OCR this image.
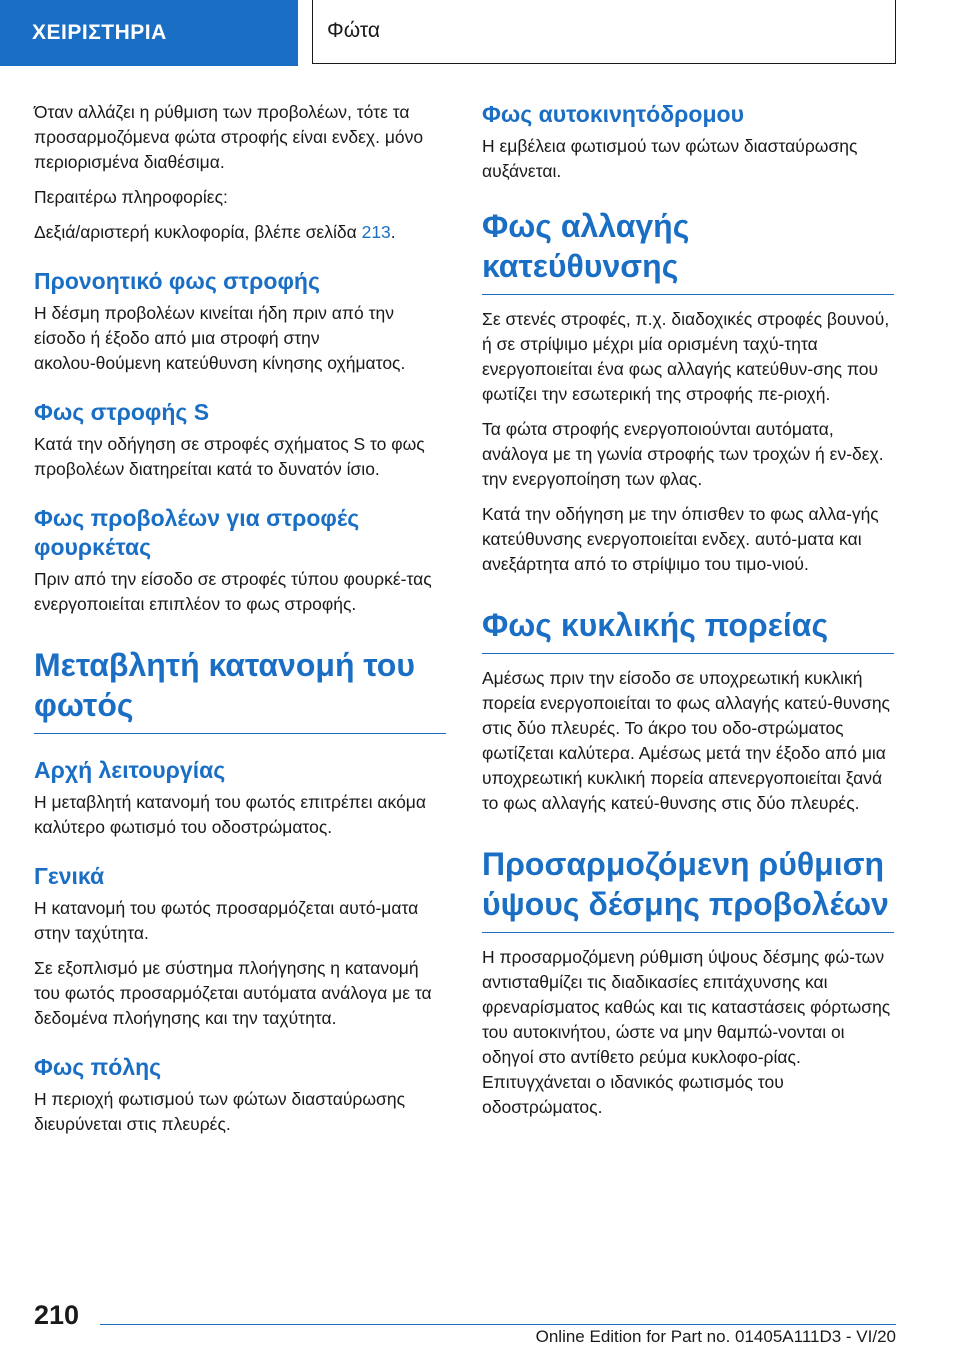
ΧΕΙΡΙΣΤΗΡΙΑ	Φώτα

Όταν αλλάζει η ρύθμιση των προβολέων, τότε τα προσαρμοζόμενα φώτα στροφής είναι ενδεχ. μόνο περιορισμένα διαθέσιμα.

Περαιτέρω πληροφορίες:

Δεξιά/αριστερή κυκλοφορία, βλέπε σελίδα 213.

Προνοητικό φως στροφής

Η δέσμη προβολέων κινείται ήδη πριν από την είσοδο ή έξοδο από μια στροφή στην ακολου‑θούμενη κατεύθυνση κίνησης οχήματος.

Φως στροφής S

Κατά την οδήγηση σε στροφές σχήματος S το φως προβολέων διατηρείται κατά το δυνατόν ίσιο.

Φως προβολέων για στροφές φουρκέτας

Πριν από την είσοδο σε στροφές τύπου φουρκέ‑τας ενεργοποιείται επιπλέον το φως στροφής.

Μεταβλητή κατανομή του φωτός
Αρχή λειτουργίας

Η μεταβλητή κατανομή του φωτός επιτρέπει ακόμα καλύτερο φωτισμό του οδοστρώματος.

Γενικά

Η κατανομή του φωτός προσαρμόζεται αυτό‑ματα στην ταχύτητα.

Σε εξοπλισμό με σύστημα πλοήγησης η κατανομή του φωτός προσαρμόζεται αυτόματα ανάλογα με τα δεδομένα πλοήγησης και την ταχύτητα.

Φως πόλης

Η περιοχή φωτισμού των φώτων διασταύρωσης διευρύνεται στις πλευρές.

Φως αυτοκινητόδρομου

Η εμβέλεια φωτισμού των φώτων διασταύρωσης αυξάνεται.

Φως αλλαγής κατεύθυνσης

Σε στενές στροφές, π.χ. διαδοχικές στροφές βουνού, ή σε στρίψιμο μέχρι μία ορισμένη ταχύ‑τητα ενεργοποιείται ένα φως αλλαγής κατεύθυν‑σης που φωτίζει την εσωτερική της στροφής πε‑ριοχή.

Τα φώτα στροφής ενεργοποιούνται αυτόματα, ανάλογα με τη γωνία στροφής των τροχών ή εν‑δεχ. την ενεργοποίηση των φλας.

Κατά την οδήγηση με την όπισθεν το φως αλλα‑γής κατεύθυνσης ενεργοποιείται ενδεχ. αυτό‑ματα και ανεξάρτητα από το στρίψιμο του τιμο‑νιού.

Φως κυκλικής πορείας

Αμέσως πριν την είσοδο σε υποχρεωτική κυκλική πορεία ενεργοποιείται το φως αλλαγής κατεύ‑θυνσης στις δύο πλευρές. Το άκρο του οδο‑στρώματος φωτίζεται καλύτερα. Αμέσως μετά την έξοδο από μια υποχρεωτική κυκλική πορεία απενεργοποιείται ξανά το φως αλλαγής κατεύ‑θυνσης στις δύο πλευρές.

Προσαρμοζόμενη ρύθμιση ύψους δέσμης προβολέων

Η προσαρμοζόμενη ρύθμιση ύψους δέσμης φώ‑των αντισταθμίζει τις διαδικασίες επιτάχυνσης και φρεναρίσματος καθώς και τις καταστάσεις φόρτωσης του αυτοκινήτου, ώστε να μην θαμπώ‑νονται οι οδηγοί στο αντίθετο ρεύμα κυκλοφο‑ρίας. Επιτυγχάνεται ο ιδανικός φωτισμός του οδοστρώματος.

210
Online Edition for Part no. 01405A111D3 - VI/20
